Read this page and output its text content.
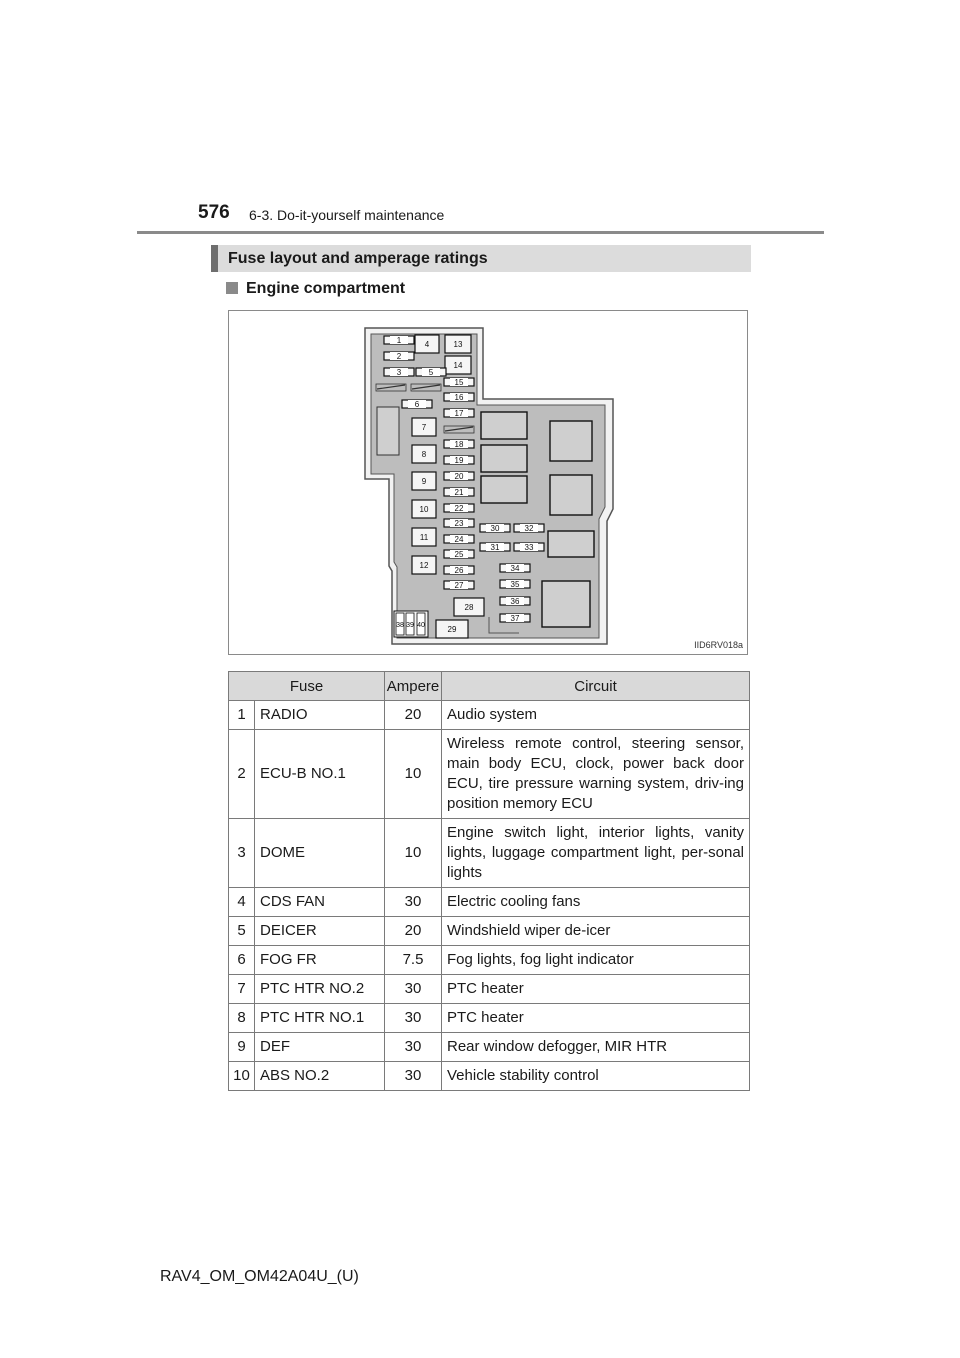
576 6-3. Do-it-yourself maintenance
Fuse layout and amperage ratings
Engine compartment
1
2
3
4	13
14
5
6
15
16
17
7
8
9
10
11
12
18
19
20
21
22
23
24
25
26
27
30	32
31	33
34
35
36
37
28
29
38 39 40
IID6RV018a
Fuse		Ampere	Circuit
1	RADIO	20	Audio system
2	ECU-B NO.1	10	Wireless remote control, steering sensor, main body ECU, clock, power back door ECU, tire pressure warning system, driv-ing position memory ECU
3	DOME	10	Engine switch light, interior lights, vanity lights, luggage compartment light, per-sonal lights
4	CDS FAN	30	Electric cooling fans
5	DEICER	20	Windshield wiper de-icer
6	FOG FR	7.5	Fog lights, fog light indicator
7	PTC HTR NO.2	30	PTC heater
8	PTC HTR NO.1	30	PTC heater
9	DEF	30	Rear window defogger, MIR HTR
10	ABS NO.2	30	Vehicle stability control
RAV4_OM_OM42A04U_(U)
